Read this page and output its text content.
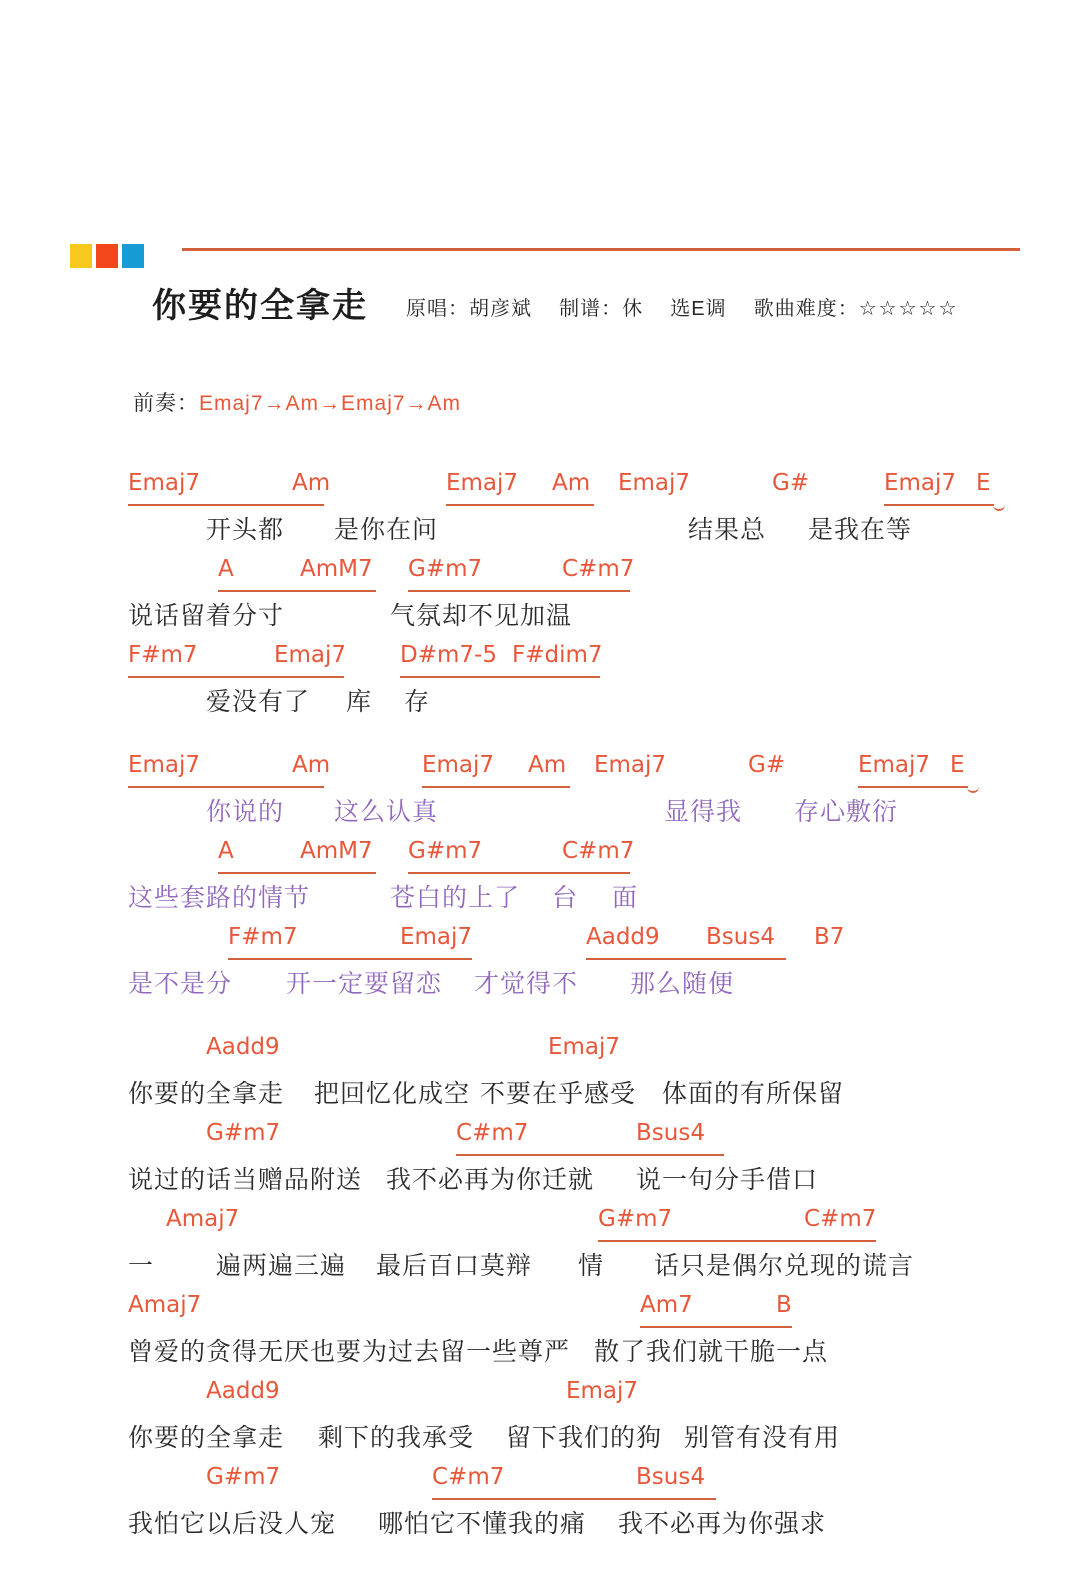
你要的全拿走 原唱：胡彦斌 制谱：休 选E调 歌曲难度：☆☆☆☆☆
前奏：Emaj7→Am→Emaj7→Am
Emaj7	Am	Emaj7 Am Emaj7	G#	Emaj7 E
开头都 是你在问	结果总 是我在等
A	AmM7 G#m7	C#m7
说话留着分寸	气氛却不见加温
F#m7	Emaj7 D#m7-5 F#dim7
爱没有了 库 存
Emaj7	Am	Emaj7 Am Emaj7	G#	Emaj7 E
你说的 这么认真	显得我 存心敷衍
A	AmM7 G#m7	C#m7
这些套路的情节	苍白的上了 台 面
F#m7	Emaj7	Aadd9 Bsus4 B7
是不是分 开一定要留恋 才觉得不 那么随便
Aadd9	Emaj7
你要的全拿走 把回忆化成空 不要在乎感受 体面的有所保留
G#m7	C#m7	Bsus4
说过的话当赠品附送 我不必再为你迁就 说一句分手借口
Amaj7	G#m7	C#m7
一 遍两遍三遍 最后百口莫辩 情 话只是偶尔兑现的谎言
Amaj7	Am7	B
曾爱的贪得无厌也要为过去留一些尊严 散了我们就干脆一点
Aadd9	Emaj7
你要的全拿走 剩下的我承受 留下我们的狗 别管有没有用
G#m7	C#m7	Bsus4
我怕它以后没人宠 哪怕它不懂我的痛 我不必再为你强求
